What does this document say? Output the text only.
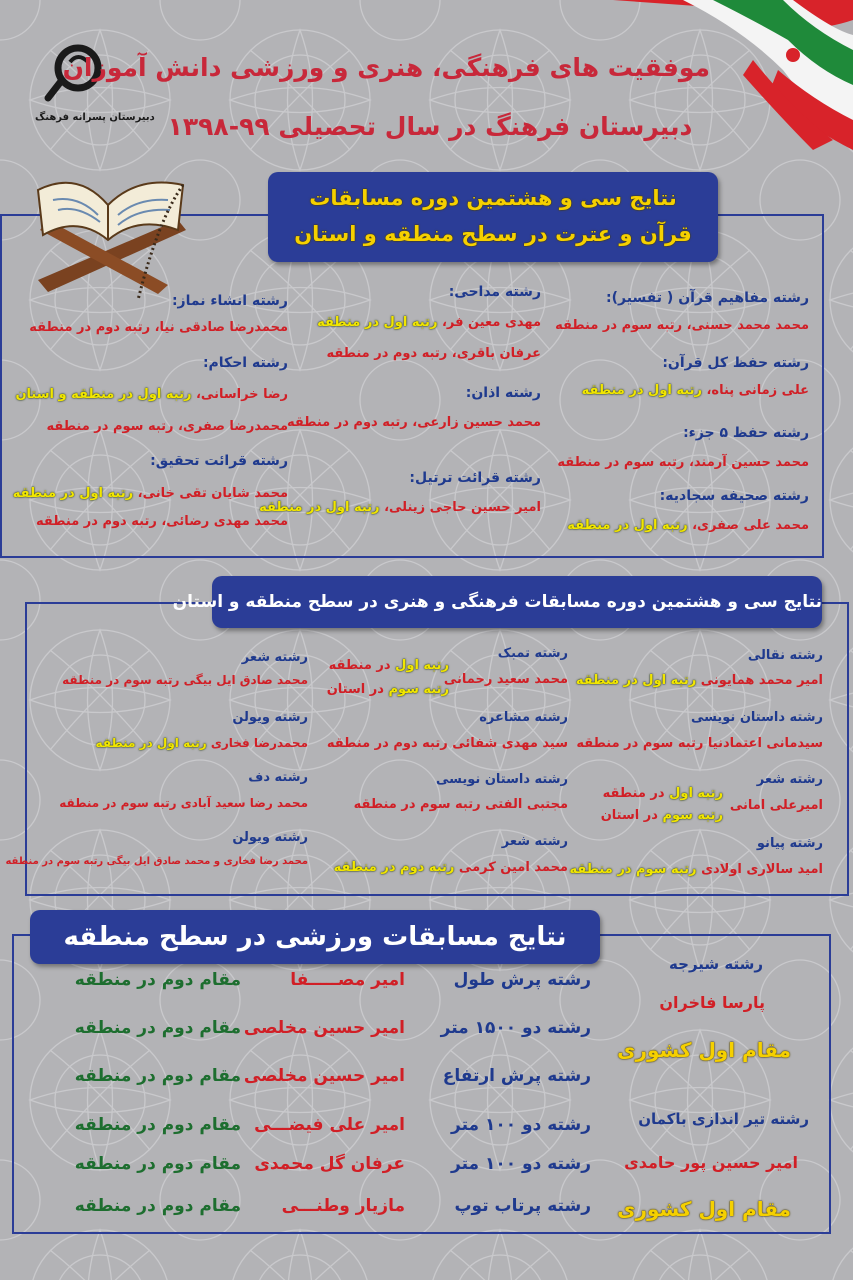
دبیرستان پسرانه فرهنگ
موفقیت های فرهنگی، هنری و ورزشی دانش آموزان
دبیرستان فرهنگ در سال تحصیلی ۹۹-۱۳۹۸
نتایج سی و هشتمین دوره مسابقات
قرآن و عترت در سطح منطقه و استان
رشته مفاهیم قرآن ( تفسیر):
محمد محمد حسنی، رتبه سوم در منطقه
رشته حفظ کل قرآن:
علی زمانی پناه، رتبه اول در منطقه
رشته حفظ ۵ جزء:
محمد حسین آرمند، رتبه سوم در منطقه
رشته صحیفه سجادیه:
محمد علی صفری، رتبه اول در منطقه
رشته مداحی:
مهدی معین فر، رتبه اول در منطقه
عرفان باقری، رتبه دوم در منطقه
رشته اذان:
محمد حسین زارعی، رتبه دوم در منطقه
رشته قرائت ترتیل:
امیر حسین حاجی زینلی، رتبه اول در منطقه
رشته انشاء نماز:
محمدرضا صادقی نیا، رتبه دوم در منطقه
رشته احکام:
رضا خراسانی، رتبه اول در منطقه و استان
محمدرضا صفری، رتبه سوم در منطقه
رشته قرائت تحقیق:
محمد شایان تقی خانی، رتبه اول در منطقه
محمد مهدی رضائی، رتبه دوم در منطقه
نتایج سی و هشتمین دوره مسابقات فرهنگی و هنری در سطح منطقه و استان
رشته نقالی
امیر محمد همایونی رتبه اول در منطقه
رشته داستان نویسی
سیدمانی اعتمادنیا رتبه سوم در منطقه
رشته شعر
امیرعلی امانی
رتبه اول در منطقه
رتبه سوم در استان
رشته پیانو
امید سالاری اولادی رتبه سوم در منطقه
رشته تمبک
محمد سعید رحمانی
رتبه اول در منطقه
رتبه سوم در استان
رشته مشاعره
سید مهدی شفائی رتبه دوم در منطقه
رشته داستان نویسی
مجتبی الفتی رتبه سوم در منطقه
رشته شعر
محمد امین کرمی رتبه دوم در منطقه
رشته شعر
محمد صادق ایل بیگی رتبه سوم در منطقه
رشته ویولن
محمدرضا فخاری رتبه اول در منطقه
رشته دف
محمد رضا سعید آبادی رتبه سوم در منطقه
رشته ویولن
محمد رضا فخاری و محمد صادق ایل بیگی رتبه سوم در منطقه
نتایج مسابقات ورزشی در سطح منطقه
رشته پرش طول
امیر مصـــــفا
مقام دوم در منطقه
رشته دو ۱۵۰۰ متر
امیر حسین مخلصی
مقام دوم در منطقه
رشته پرش ارتفاع
امیر حسین مخلصی
مقام دوم در منطقه
رشته دو ۱۰۰ متر
امیر علی فیضـــی
مقام دوم در منطقه
رشته دو ۱۰۰ متر
عرفان گل محمدی
مقام دوم در منطقه
رشته پرتاب توپ
مازیار وطنـــی
مقام دوم در منطقه
رشته شیرجه
پارسا فاخران
مقام اول کشوری
رشته تیر اندازی باکمان
امیر حسین پور حامدی
مقام اول کشوری
